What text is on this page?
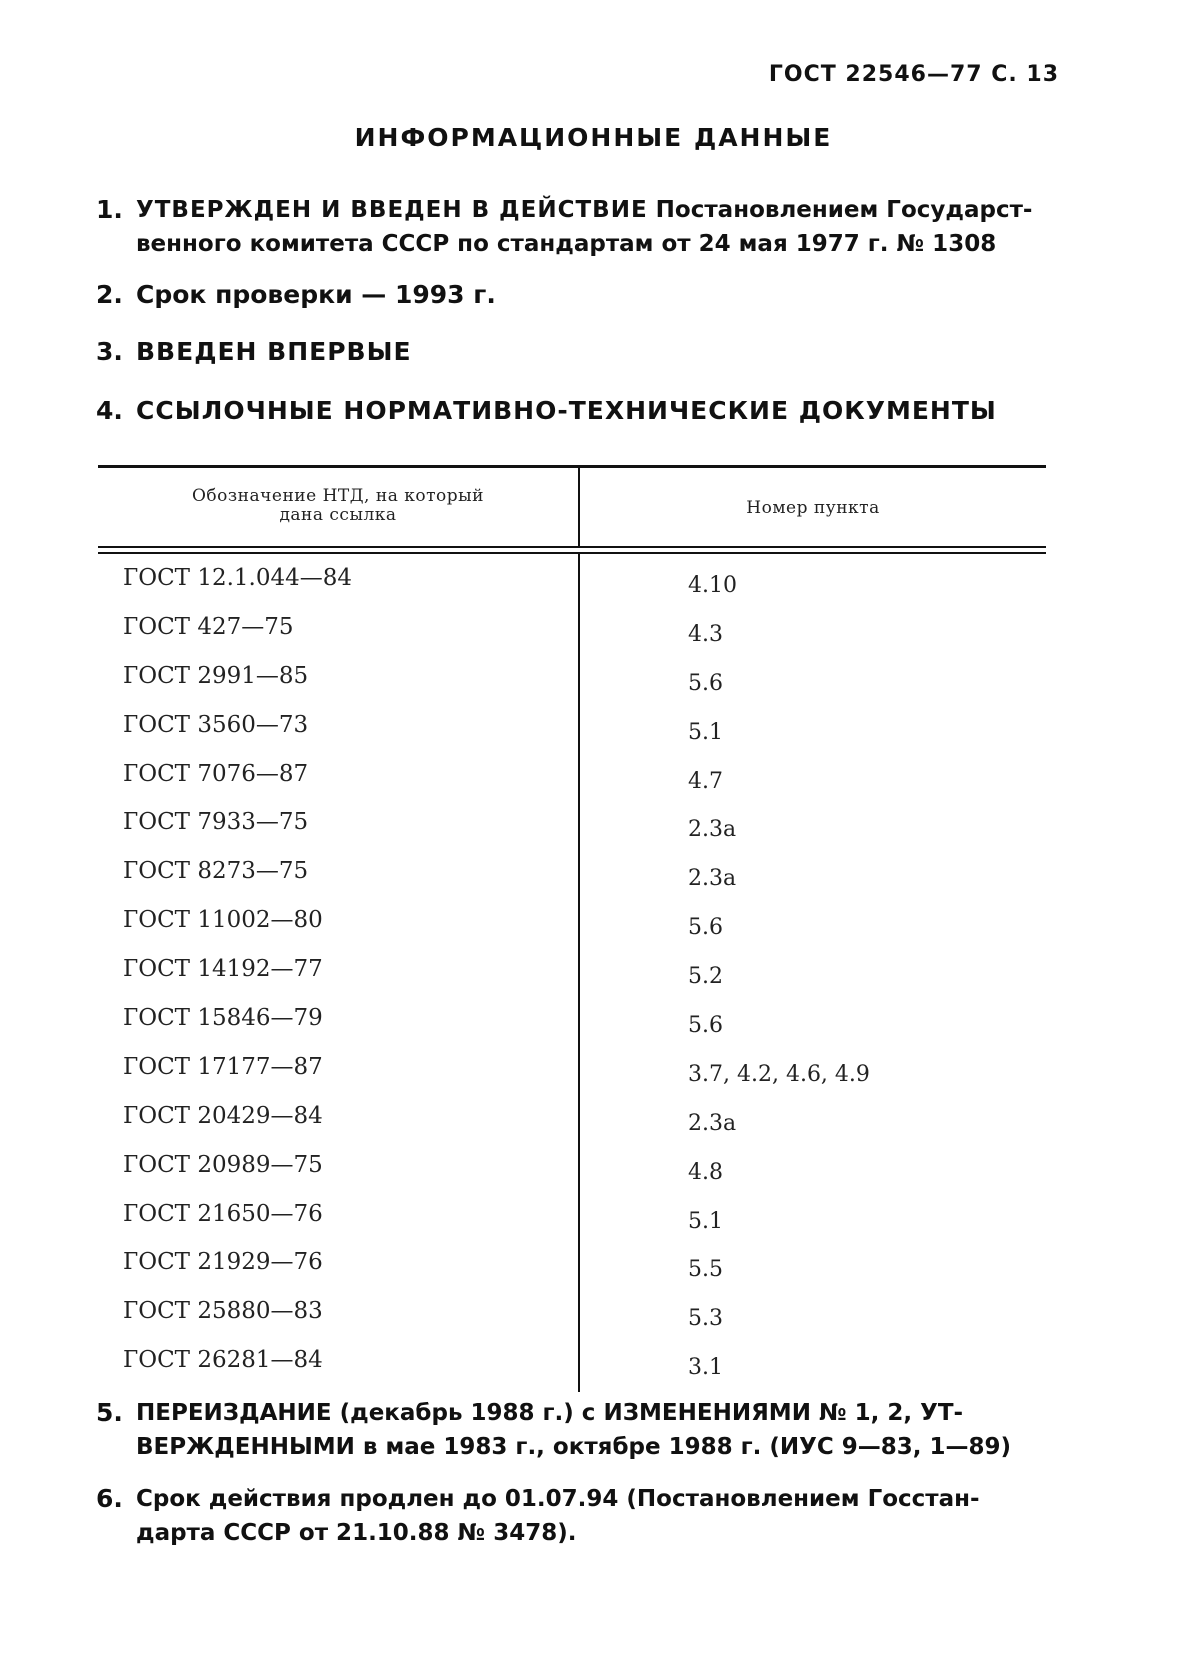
ГОСТ 22546—77 С. 13
ИНФОРМАЦИОННЫЕ ДАННЫЕ
1. УТВЕРЖДЕН И ВВЕДЕН В ДЕЙСТВИЕ Постановлением Государст-
венного комитета СССР по стандартам от 24 мая 1977 г. № 1308
2. Срок проверки — 1993 г.
3. ВВЕДЕН ВПЕРВЫЕ
4. ССЫЛОЧНЫЕ НОРМАТИВНО-ТЕХНИЧЕСКИЕ ДОКУМЕНТЫ
Обозначение НТД, на который
дана ссылка	Номер пункта
ГОСТ 12.1.044—84	4.10
ГОСТ 427—75	4.3
ГОСТ 2991—85	5.6
ГОСТ 3560—73	5.1
ГОСТ 7076—87	4.7
ГОСТ 7933—75	2.3а
ГОСТ 8273—75	2.3а
ГОСТ 11002—80	5.6
ГОСТ 14192—77	5.2
ГОСТ 15846—79	5.6
ГОСТ 17177—87	3.7, 4.2, 4.6, 4.9
ГОСТ 20429—84	2.3а
ГОСТ 20989—75	4.8
ГОСТ 21650—76	5.1
ГОСТ 21929—76	5.5
ГОСТ 25880—83	5.3
ГОСТ 26281—84	3.1
5. ПЕРЕИЗДАНИЕ (декабрь 1988 г.) с ИЗМЕНЕНИЯМИ № 1, 2, УТ-
ВЕРЖДЕННЫМИ в мае 1983 г., октябре 1988 г. (ИУС 9—83, 1—89)
6. Срок действия продлен до 01.07.94 (Постановлением Госстан-
дарта СССР от 21.10.88 № 3478).
